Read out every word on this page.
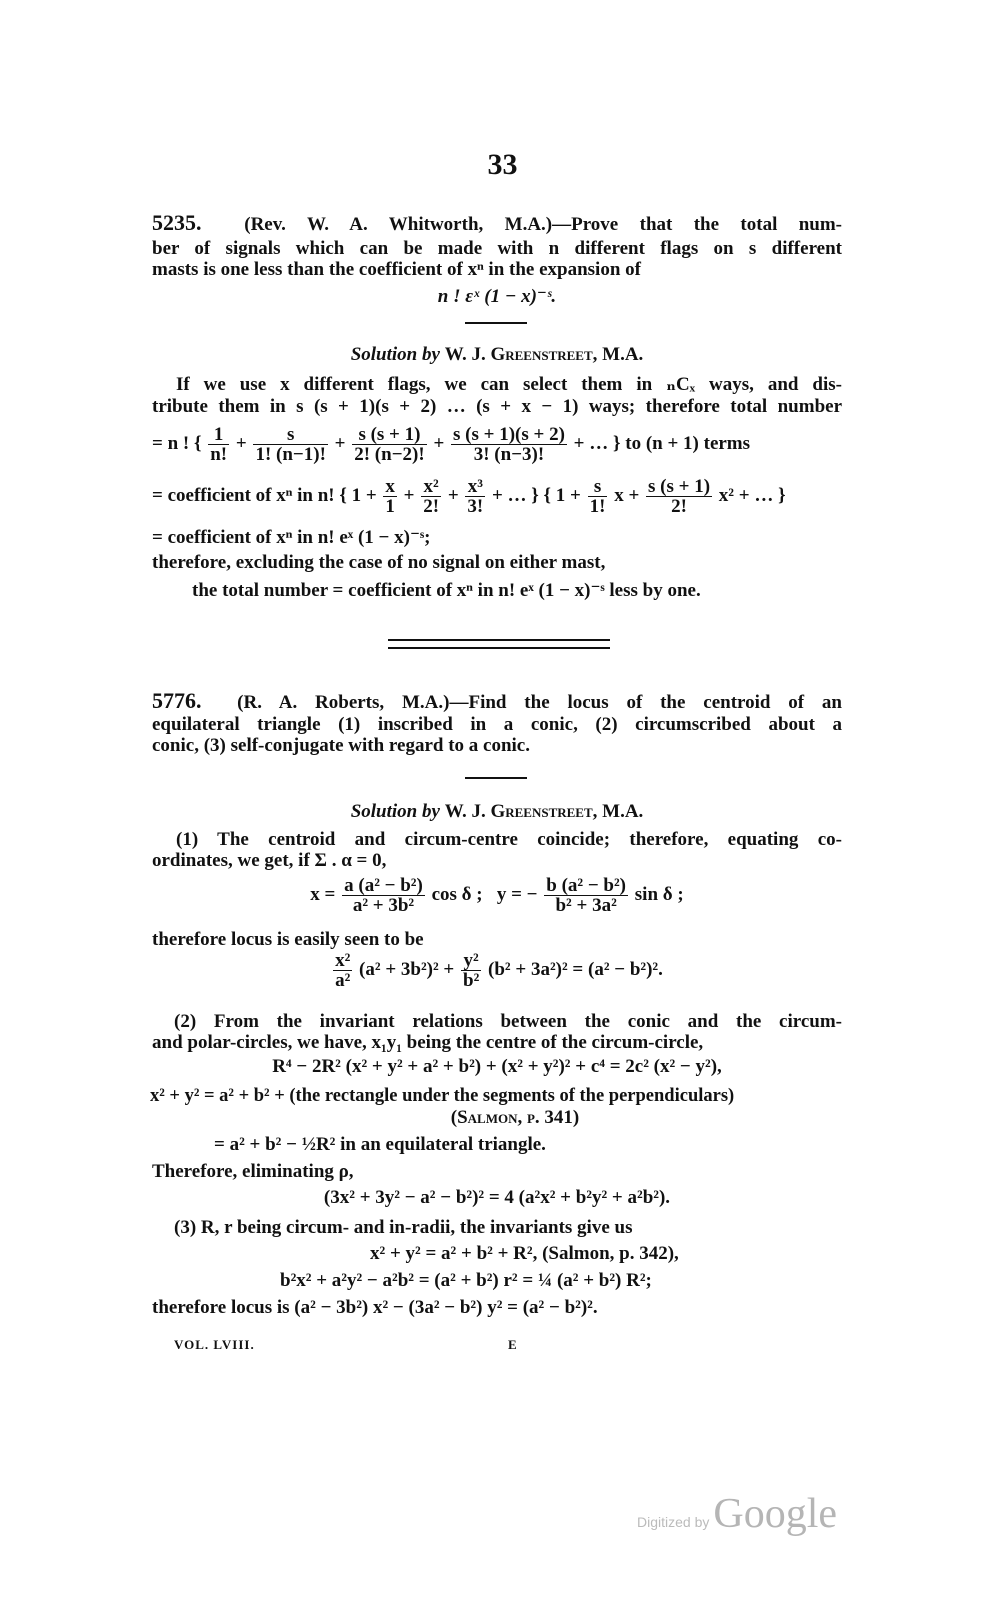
33
5235. (Rev. W. A. Whitworth, M.A.)—Prove that the total num-
ber of signals which can be made with n different flags on s different
masts is one less than the coefficient of xⁿ in the expansion of
n ! εˣ (1 − x)⁻ˢ.
Solution by W. J. Greenstreet, M.A.
If we use x different flags, we can select them in ₙCₓ ways, and dis-
tribute them in s (s + 1)(s + 2) … (s + x − 1) ways; therefore total number
= n ! { $\frac{1}{n!} + \frac{s}{1! (n-1)!} + \frac{s (s + 1)}{2! (n-2)!} + \frac{s (s + 1)(s + 2)}{3! (n-3)!}$ + … } to (n + 1) terms
= coefficient of xⁿ in n! { $1 + \frac{x}{1} + \frac{\text{x²}}{2!} + \frac{\text{x³}}{3!}$ + … } { $1 + \frac{s}{1!}$ $x + \frac{s (s + 1)}{2!} x^2$ + … }
= coefficient of xⁿ in n! eˣ (1 − x)⁻ˢ;
therefore, excluding the case of no signal on either mast,
the total number = coefficient of xⁿ in n! eˣ (1 − x)⁻ˢ less by one.
5776. (R. A. Roberts, M.A.)—Find the locus of the centroid of an
equilateral triangle (1) inscribed in a conic, (2) circumscribed about a
conic, (3) self-conjugate with regard to a conic.
Solution by W. J. Greenstreet, M.A.
(1) The centroid and circum-centre coincide; therefore, equating co-
ordinates, we get, if Σ . α = 0,
$x = \frac{\text{a (a² − b²)}}{\text{a² + 3b²}}$ cos δ ;   y = − $\frac{\text{b (a² − b²)}}{\text{b² + 3a²}}$ sin δ ;
therefore locus is easily seen to be
$\frac{\text{x²}}{\text{a²}} (a^2 + 3b^2)^2 + \frac{\text{y²}}{\text{b²}} (b^2 + 3a^2)^2 = (a^2 - b^2)^2$.
(2) From the invariant relations between the conic and the circum-
and polar-circles, we have, x₁y₁ being the centre of the circum-circle,
R⁴ − 2R² (x² + y² + a² + b²) + (x² + y²)² + c⁴ = 2c² (x² − y²),
x² + y² = a² + b² + (the rectangle under the segments of the perpendiculars)
(Salmon, p. 341)
= a² + b² − ½R² in an equilateral triangle.
Therefore, eliminating ρ,
(3x² + 3y² − a² − b²)² = 4 (a²x² + b²y² + a²b²).
(3) R, r being circum- and in-radii, the invariants give us
x² + y² = a² + b² + R², (Salmon, p. 342),
b²x² + a²y² − a²b² = (a² + b²) r² = ¼ (a² + b²) R²;
therefore locus is (a² − 3b²) x² − (3a² − b²) y² = (a² − b²)².
VOL. LVIII.	E
Digitized by Google
